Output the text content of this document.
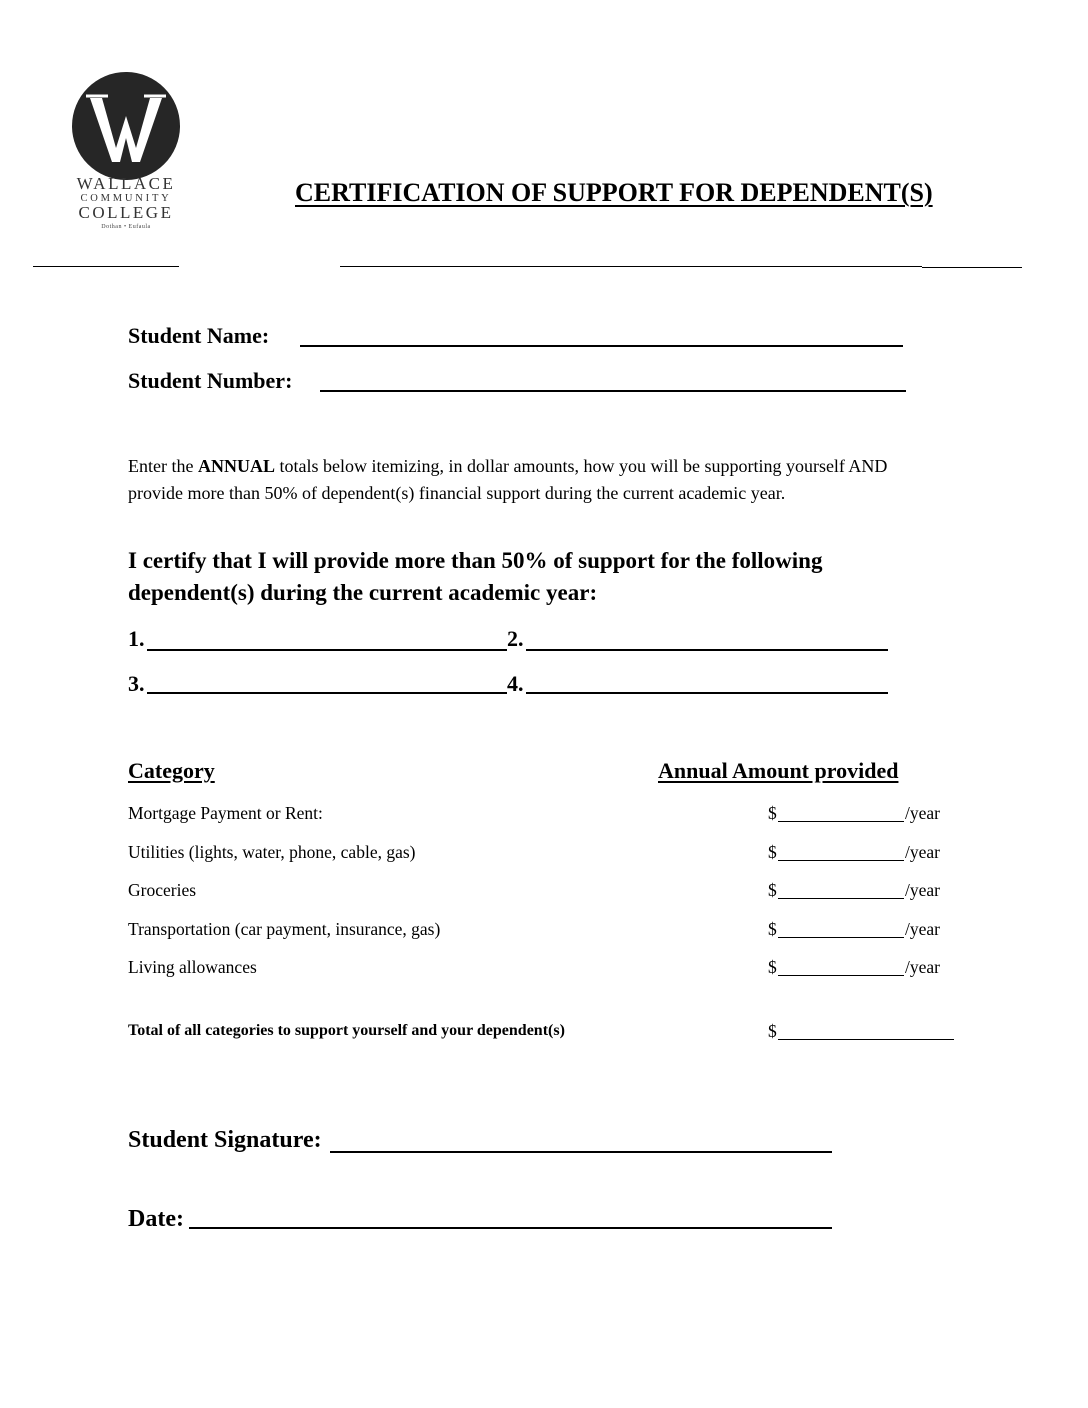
WALLACE
COMMUNITY
COLLEGE
Dothan • Eufaula
CERTIFICATION OF SUPPORT FOR DEPENDENT(S)
Student Name:
Student Number:
Enter the ANNUAL totals below itemizing, in dollar amounts, how you will be supporting yourself AND provide more than 50% of dependent(s) financial support during the current academic year.
I certify that I will provide more than 50% of support for the following dependent(s) during the current academic year:
1.	2.
3.	4.
Category	Annual Amount provided
Mortgage Payment or Rent:	$	/year
Utilities (lights, water, phone, cable, gas)	$	/year
Groceries	$	/year
Transportation (car payment, insurance, gas)	$	/year
Living allowances	$	/year
Total of all categories to support yourself and your dependent(s)	$
Student Signature:
Date:
